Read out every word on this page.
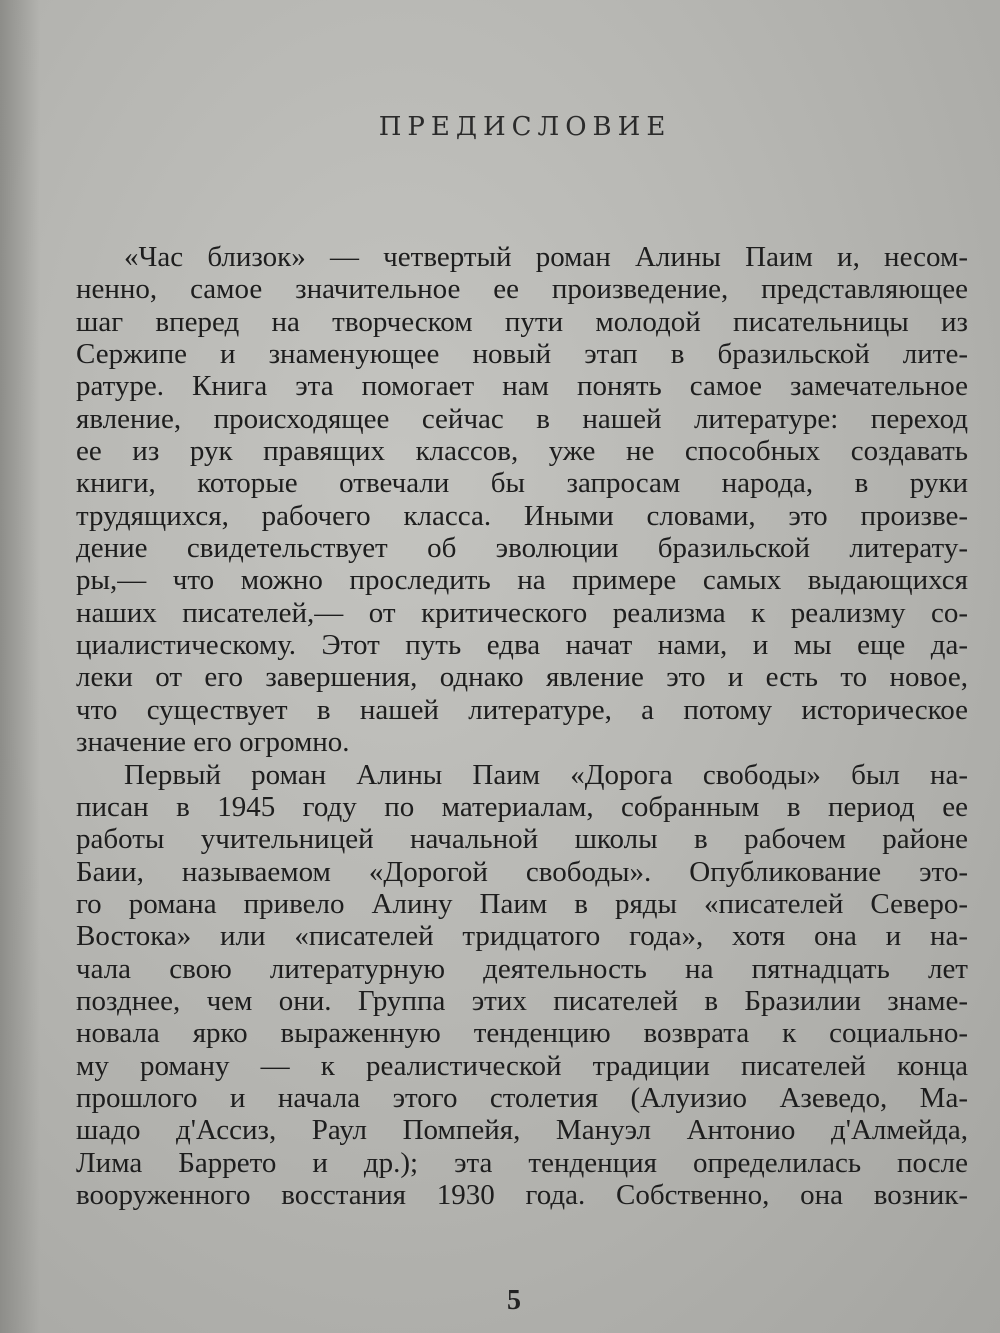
ПРЕДИСЛОВИЕ
«Час близок» — четвертый роман Алины Паим и, несом-
ненно, самое значительное ее произведение, представляющее
шаг вперед на творческом пути молодой писательницы из
Сержипе и знаменующее новый этап в бразильской лите-
ратуре. Книга эта помогает нам понять самое замечательное
явление, происходящее сейчас в нашей литературе: переход
ее из рук правящих классов, уже не способных создавать
книги, которые отвечали бы запросам народа, в руки
трудящихся, рабочего класса. Иными словами, это произве-
дение свидетельствует об эволюции бразильской литерату-
ры,— что можно проследить на примере самых выдающихся
наших писателей,— от критического реализма к реализму со-
циалистическому. Этот путь едва начат нами, и мы еще да-
леки от его завершения, однако явление это и есть то новое,
что существует в нашей литературе, а потому историческое
значение его огромно.
Первый роман Алины Паим «Дорога свободы» был на-
писан в 1945 году по материалам, собранным в период ее
работы учительницей начальной школы в рабочем районе
Баии, называемом «Дорогой свободы». Опубликование это-
го романа привело Алину Паим в ряды «писателей Северо-
Востока» или «писателей тридцатого года», хотя она и на-
чала свою литературную деятельность на пятнадцать лет
позднее, чем они. Группа этих писателей в Бразилии знаме-
новала ярко выраженную тенденцию возврата к социально-
му роману — к реалистической традиции писателей конца
прошлого и начала этого столетия (Алуизио Азеведо, Ма-
шадо д'Ассиз, Раул Помпейя, Мануэл Антонио д'Алмейда,
Лима Баррето и др.); эта тенденция определилась после
вооруженного восстания 1930 года. Собственно, она возник-
5
